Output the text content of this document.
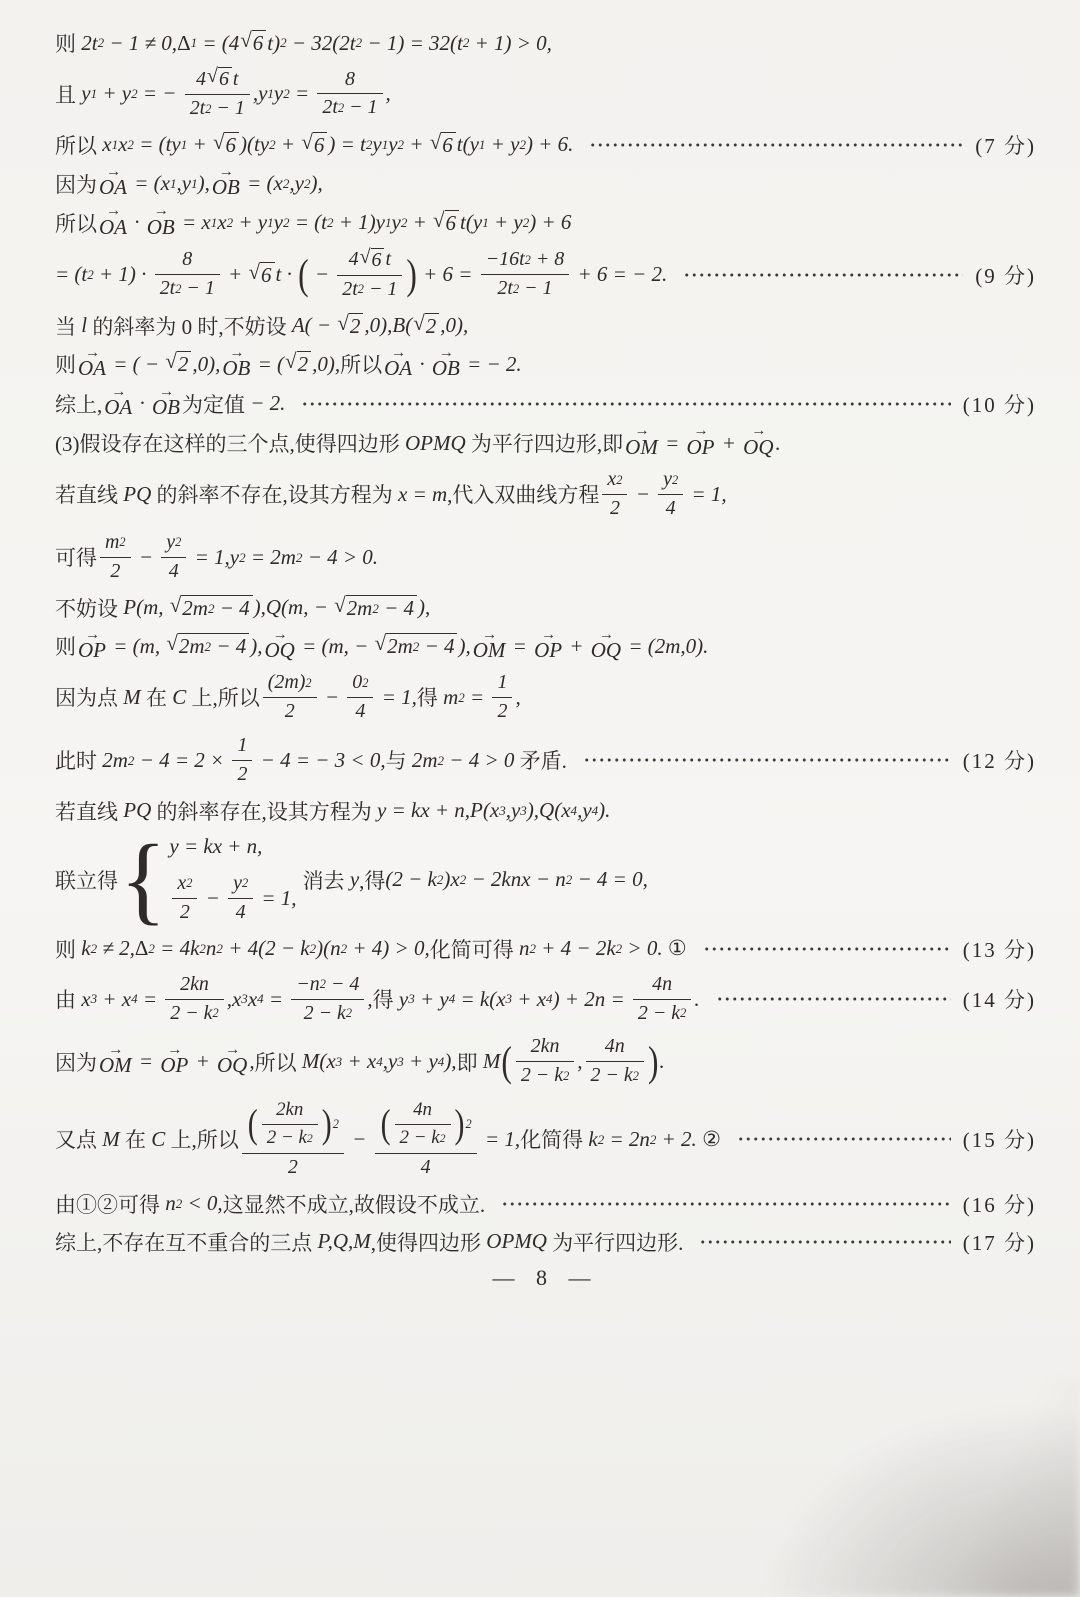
则 2t 2 − 1 ≠ 0, Δ 1 = (4 √ 6 t) 2 − 32(2t 2 − 1) = 32(t 2 + 1) > 0,
且 y 1 + y 2 = − $\frac{4 √ 6 t}{2t 2 - 1} ,y$ 1 y $2 = \frac{8}{2t 2 - 1}$ ,
所以 x 1 x 2 = (ty 1 + √ 6 )(ty 2 + √ 6 ) = t 2 y 1 y 2 + √ 6 t(y 1 + y 2 ) + 6.	(7 分)
因为
→
OA = (x 1 ,y 1 ), →
OB = (x 2 ,y 2 ),
所以
→
OA · →
OB = x 1 x 2 + y 1 y 2 = (t 2 + 1)y 1 y 2 + √ 6 t(y 1 + y 2 ) + 6
= (t $2 + 1) \cdot \frac{8}{2t 2 - 1}$ + √ 6 t · ( − $\frac{4 √ 6 t}{2t 2 - 1}$ ) + $6 = \frac{-16t 2 + 8}{2t 2 - 1} + 6$ = − 2.	(9 分)
当 l 的斜率为 0 时,不妨设 A( − √ 2 ,0),B( √ 2 ,0),
则
→
OA = ( − √ 2 ,0), →
OB = ( √ 2 ,0), 所以
→
OA · →
OB = − 2.
综上,
→
OA · →
OB 为定值 − 2.	(10 分)
(3)假设存在这样的三个点,使得四边形 OPMQ 为平行四边形,即
→
OM = →
OP + →
OQ .
若直线 PQ 的斜率不存在,设其方程为 x = m ,代入双曲线方程 $\frac{x 2}{2} - \frac{y 2}{4} = 1$,
可得 $\frac{m 2}{2} - \frac{y 2}{4} = 1,y$ 2 = 2m 2 − 4 > 0.
不妨设 P(m, √ 2m 2 − 4 ),Q(m, − √ 2m 2 − 4 ),
则
→
OP = (m, √ 2m 2 − 4 ), →
OQ = (m, − √ 2m 2 − 4 ), →
OM = →
OP + →
OQ = (2m,0).
因为点 M 在 C 上,所以 $\frac{(2m) 2}{2} - \frac{0 2}{4} = 1$, 得 m $2 = \frac{1}{2}$ ,
此时 2m $2 - 4 = 2 \times \frac{1}{2} - 4$ = − 3 < 0, 与 2m 2 − 4 > 0 矛盾.	(12 分)
若直线 PQ 的斜率存在,设其方程为 y = kx + n,P(x 3 ,y 3 ),Q(x 4 ,y 4 ).
联立得 { y = kx + n,
$\frac{x 2}{2} - \frac{y 2}{4} = 1$,
消去 y ,得 (2 − k 2 )x 2 − 2knx − n 2 − 4 = 0,
则 k 2 ≠ 2, Δ 2 = 4k 2 n 2 + 4(2 − k 2 )(n 2 + 4) > 0, 化简可得 n 2 + 4 − 2k 2 > 0. ①	(13 分)
由 x 3 + x $4 = \frac{2kn}{2 - k 2} ,x$ 3 x $4 = \frac{-n 2 - 4}{2 - k 2}$ , 得 y 3 + y 4 = k(x 3 + x 4 ) + $2n = \frac{4n}{2 - k 2}$ .	(14 分)
因为
→
OM = →
OP + →
OQ , 所以 M(x 3 + x 4 ,y 3 + y 4 ), 即 M ( $\frac{2kn}{2 - k 2}$ , $\frac{4n}{2 - k 2}$ ) .
又点 M 在 C 上,所以 $\frac{( \frac{2kn}{2 - k 2} ) 2}{2} - \frac{( \frac{4n}{2 - k 2} ) 2}{4} = 1$, 化简得 k 2 = 2n 2 + 2. ②	(15 分)
由①②可得 n 2 < 0, 这显然不成立,故假设不成立.	(16 分)
综上,不存在互不重合的三点 P,Q,M ,使得四边形 OPMQ 为平行四边形.	(17 分)
— 8 —
